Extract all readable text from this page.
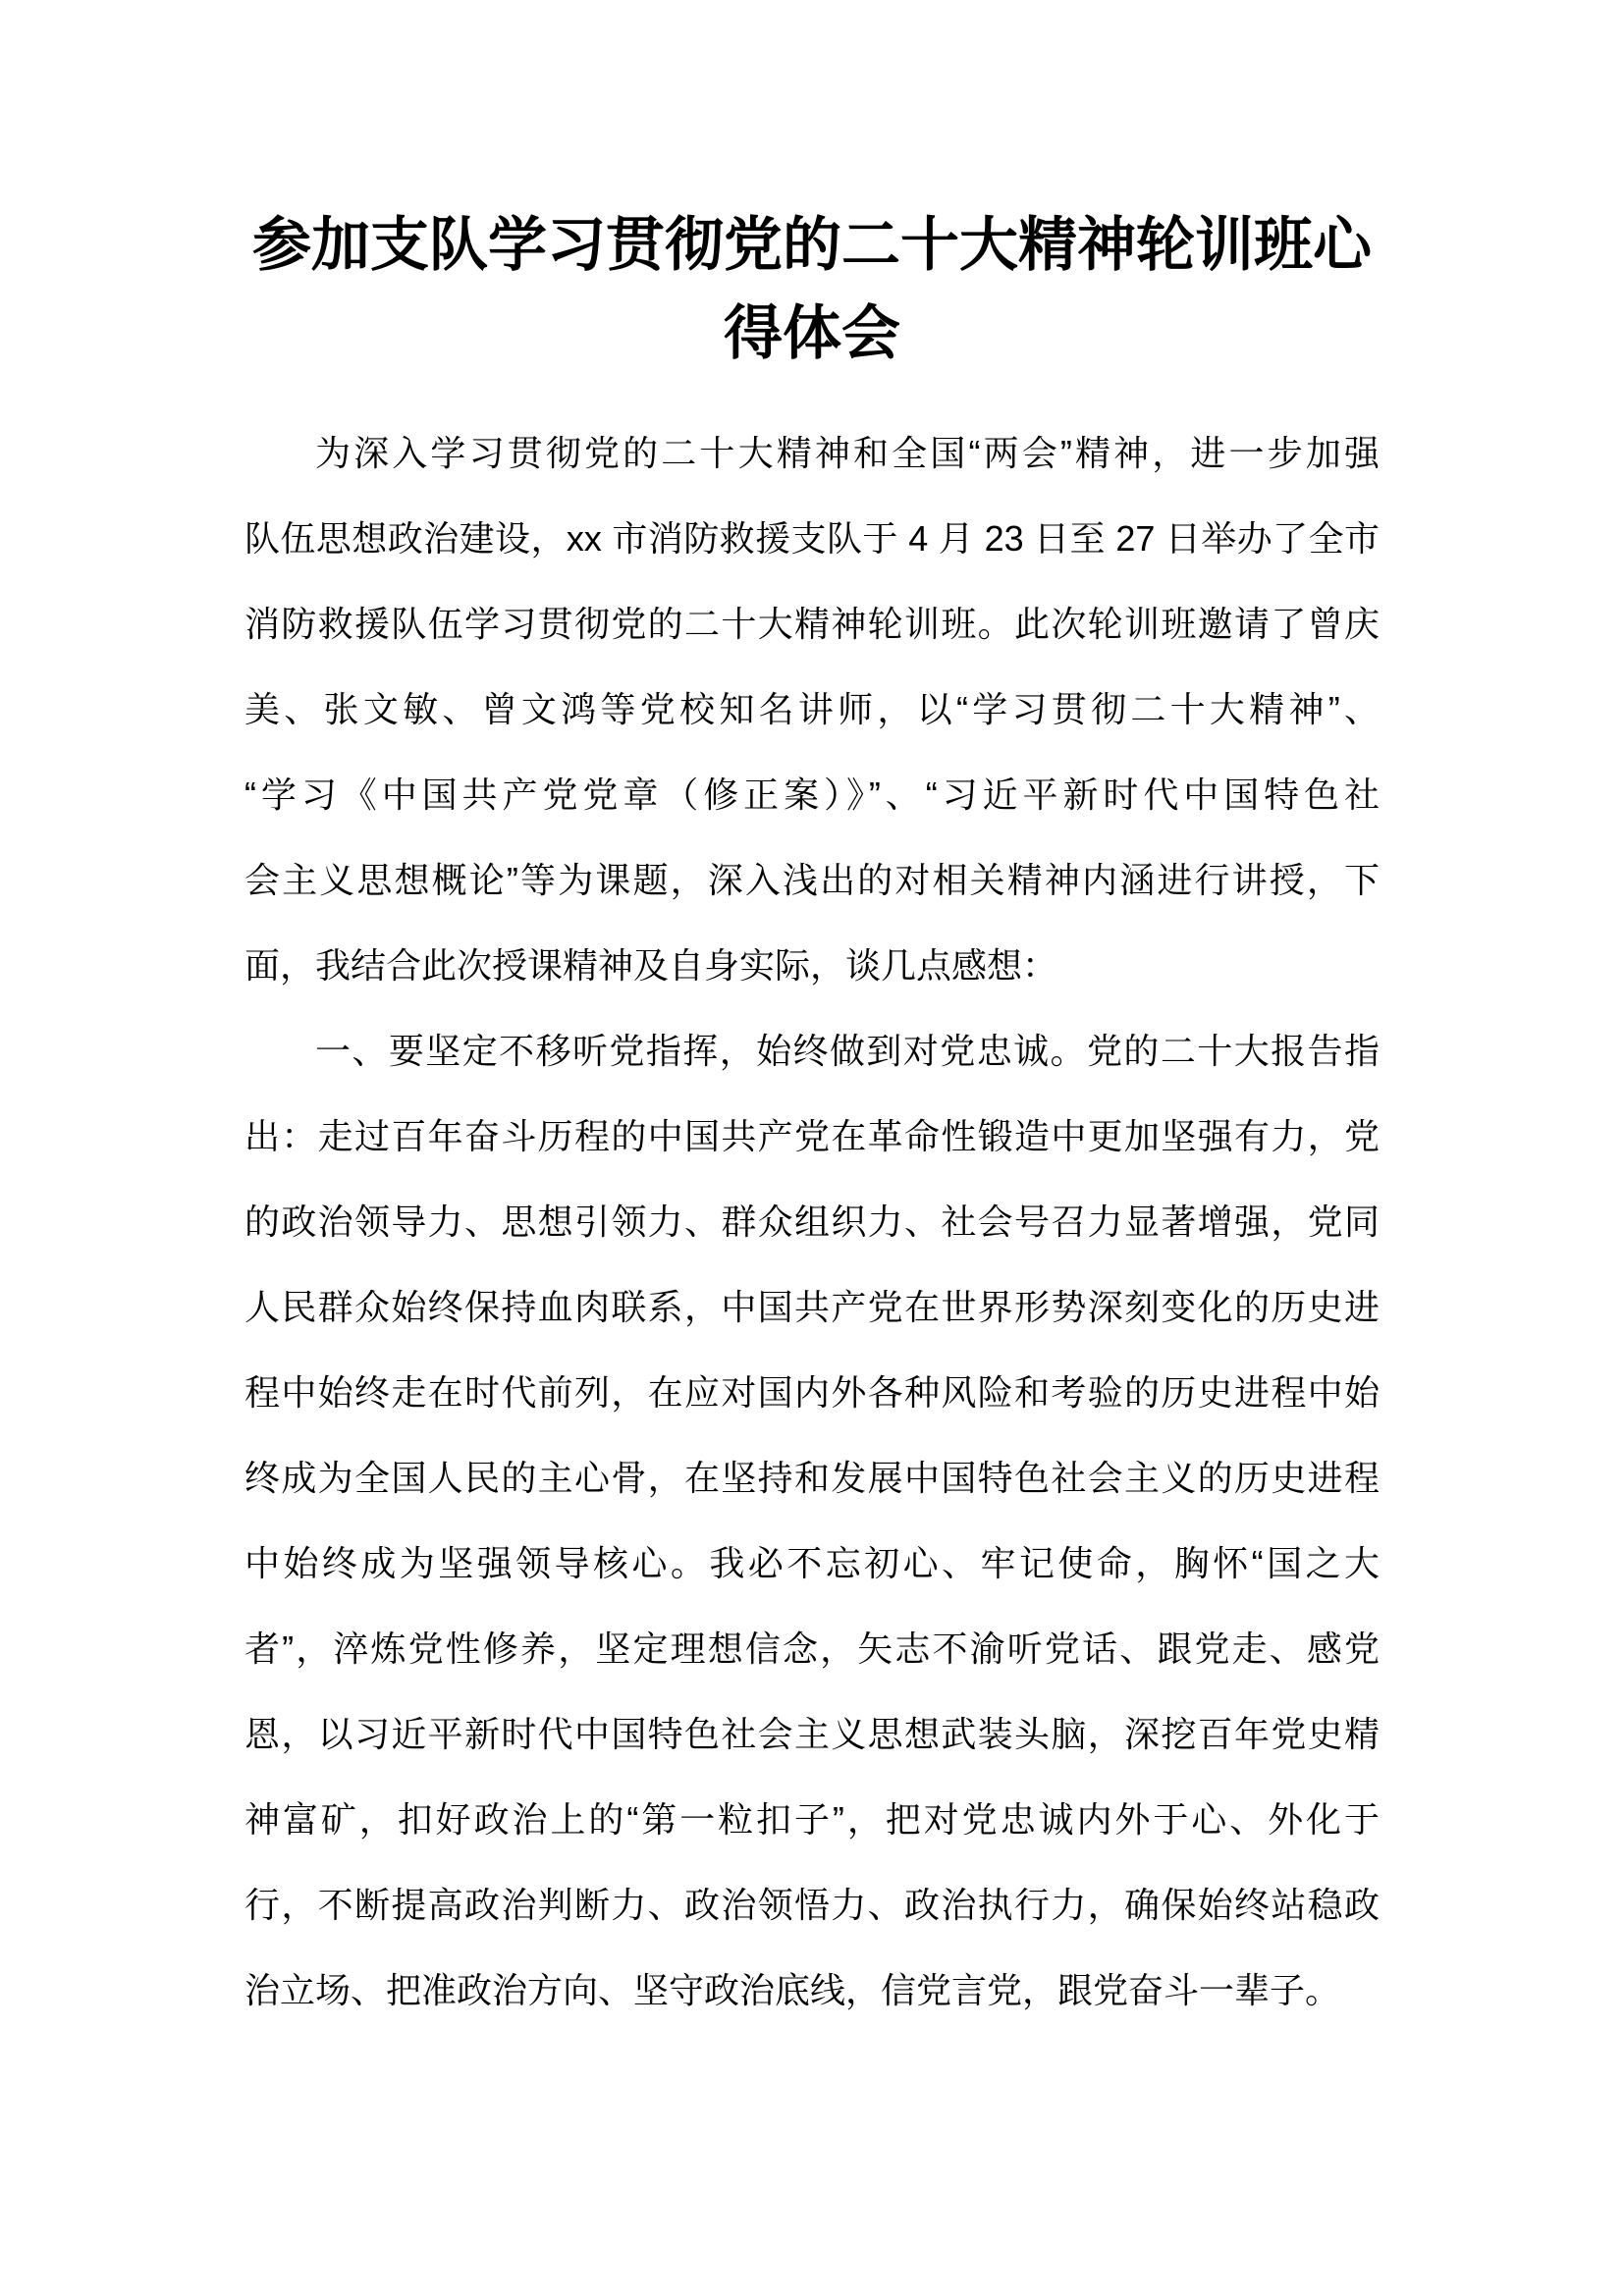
参加支队学习贯彻党的二十大精神轮训班心得体会
为深入学习贯彻党的二十大精神和全国“两会”精神，进一步加强
队伍思想政治建设，xx 市消防救援支队于 4 月 23 日至 27 日举办了全市
消防救援队伍学习贯彻党的二十大精神轮训班。此次轮训班邀请了曾庆
美、张文敏、曾文鸿等党校知名讲师，以“学习贯彻二十大精神”、
“学习《中国共产党党章（修正案）》”、“习近平新时代中国特色社
会主义思想概论”等为课题，深入浅出的对相关精神内涵进行讲授，下
面，我结合此次授课精神及自身实际，谈几点感想：
一、要坚定不移听党指挥，始终做到对党忠诚。党的二十大报告指
出：走过百年奋斗历程的中国共产党在革命性锻造中更加坚强有力，党
的政治领导力、思想引领力、群众组织力、社会号召力显著增强，党同
人民群众始终保持血肉联系，中国共产党在世界形势深刻变化的历史进
程中始终走在时代前列，在应对国内外各种风险和考验的历史进程中始
终成为全国人民的主心骨，在坚持和发展中国特色社会主义的历史进程
中始终成为坚强领导核心。我必不忘初心、牢记使命，胸怀“国之大
者”，淬炼党性修养，坚定理想信念，矢志不渝听党话、跟党走、感党
恩，以习近平新时代中国特色社会主义思想武装头脑，深挖百年党史精
神富矿，扣好政治上的“第一粒扣子”，把对党忠诚内外于心、外化于
行，不断提高政治判断力、政治领悟力、政治执行力，确保始终站稳政
治立场、把准政治方向、坚守政治底线，信党言党，跟党奋斗一辈子。
